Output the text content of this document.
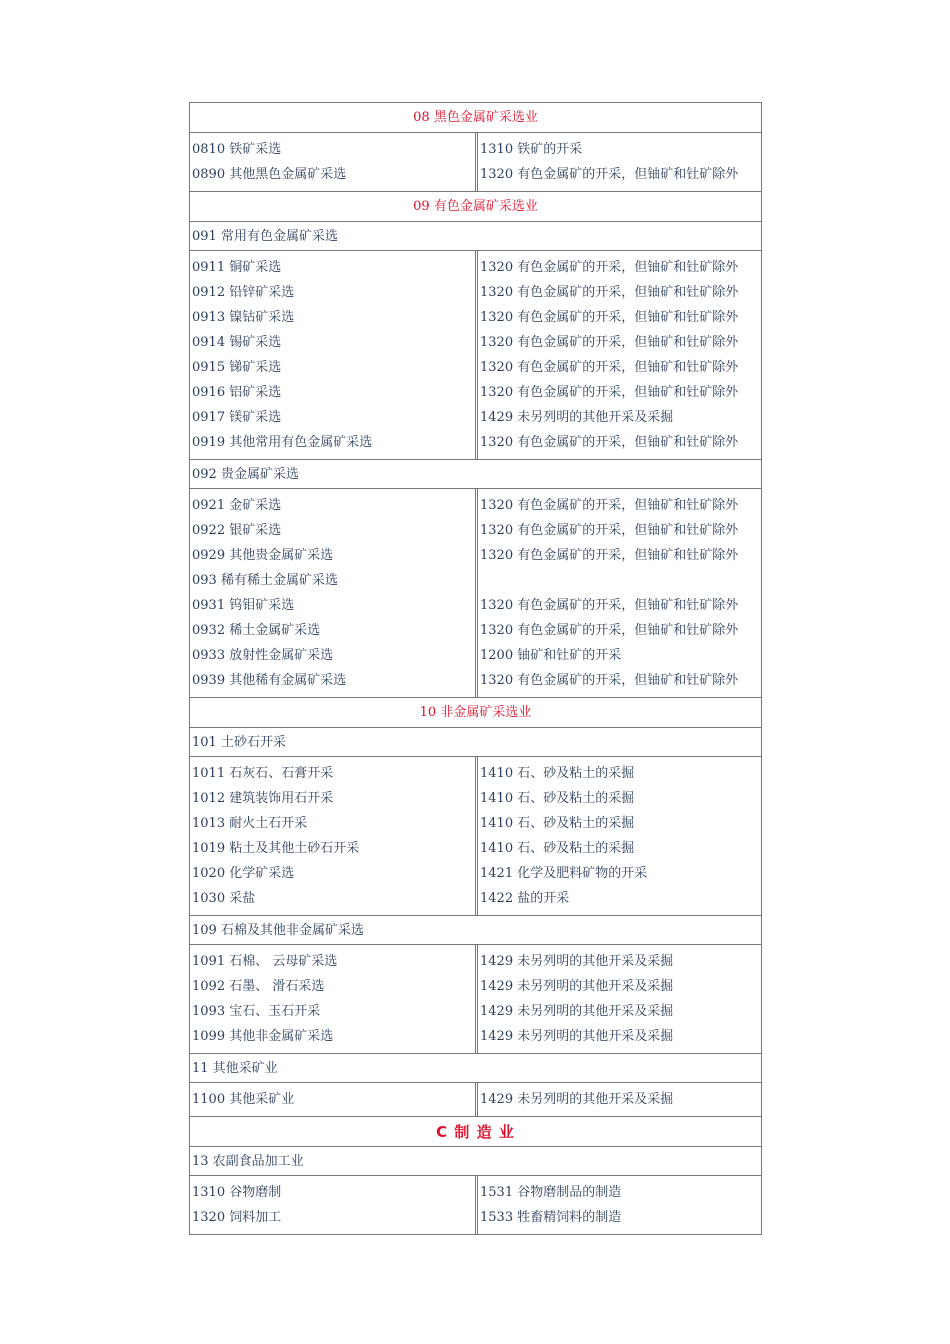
08 黑色金属矿采选业
0810 铁矿采选
0890 其他黑色金属矿采选
1310 铁矿的开采
1320 有色金属矿的开采，但铀矿和钍矿除外
09 有色金属矿采选业
091 常用有色金属矿采选
0911 铜矿采选
0912 铅锌矿采选
0913 镍钴矿采选
0914 锡矿采选
0915 锑矿采选
0916 铝矿采选
0917 镁矿采选
0919 其他常用有色金属矿采选
1320 有色金属矿的开采，但铀矿和钍矿除外
1320 有色金属矿的开采，但铀矿和钍矿除外
1320 有色金属矿的开采，但铀矿和钍矿除外
1320 有色金属矿的开采，但铀矿和钍矿除外
1320 有色金属矿的开采，但铀矿和钍矿除外
1320 有色金属矿的开采，但铀矿和钍矿除外
1429 未另列明的其他开采及采掘
1320 有色金属矿的开采，但铀矿和钍矿除外
092 贵金属矿采选
0921 金矿采选
0922 银矿采选
0929 其他贵金属矿采选
093 稀有稀土金属矿采选
0931 钨钼矿采选
0932 稀土金属矿采选
0933 放射性金属矿采选
0939 其他稀有金属矿采选
1320 有色金属矿的开采，但铀矿和钍矿除外
1320 有色金属矿的开采，但铀矿和钍矿除外
1320 有色金属矿的开采，但铀矿和钍矿除外
1320 有色金属矿的开采，但铀矿和钍矿除外
1320 有色金属矿的开采，但铀矿和钍矿除外
1200 铀矿和钍矿的开采
1320 有色金属矿的开采，但铀矿和钍矿除外
10 非金属矿采选业
101 土砂石开采
1011 石灰石、石膏开采
1012 建筑装饰用石开采
1013 耐火土石开采
1019 粘土及其他土砂石开采
1020 化学矿采选
1030 采盐
1410 石、砂及粘土的采掘
1410 石、砂及粘土的采掘
1410 石、砂及粘土的采掘
1410 石、砂及粘土的采掘
1421 化学及肥料矿物的开采
1422 盐的开采
109 石棉及其他非金属矿采选
1091 石棉、 云母矿采选
1092 石墨、 滑石采选
1093 宝石、玉石开采
1099 其他非金属矿采选
1429 未另列明的其他开采及采掘
1429 未另列明的其他开采及采掘
1429 未另列明的其他开采及采掘
1429 未另列明的其他开采及采掘
11 其他采矿业
1100 其他采矿业	1429 未另列明的其他开采及采掘
C 制 造 业
13 农副食品加工业
1310 谷物磨制
1320 饲料加工
1531 谷物磨制品的制造
1533 牲畜精饲料的制造
